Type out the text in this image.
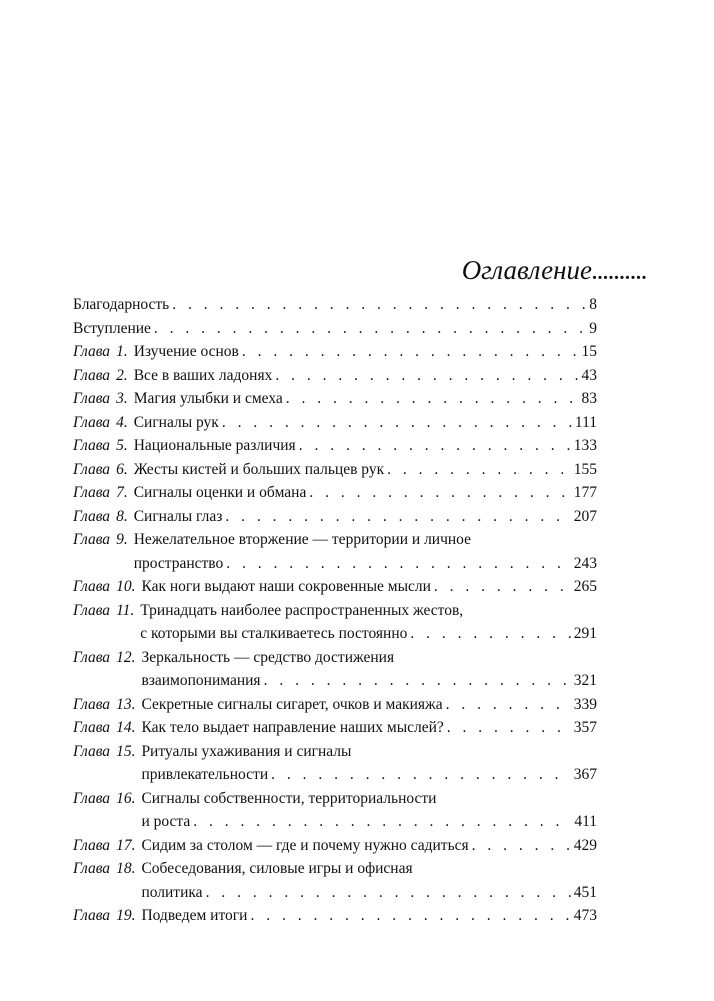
Оглавление..........
Благодарность . . .	8
Вступление . . .	9
Глава 1. Изучение основ . . .	15
Глава 2. Все в ваших ладонях . . .	43
Глава 3. Магия улыбки и смеха . . .	83
Глава 4. Сигналы рук . . .	111
Глава 5. Национальные различия . . .	133
Глава 6. Жесты кистей и больших пальцев рук . . .	155
Глава 7. Сигналы оценки и обмана . . .	177
Глава 8. Сигналы глаз . . .	207
Глава 9. Нежелательное вторжение — территории и личное
пространство . . .	243
Глава 10. Как ноги выдают наши сокровенные мысли . . .	265
Глава 11. Тринадцать наиболее распространенных жестов,
с которыми вы сталкиваетесь постоянно . . .	291
Глава 12. Зеркальность — средство достижения
взаимопонимания . . .	321
Глава 13. Секретные сигналы сигарет, очков и макияжа . . .	339
Глава 14. Как тело выдает направление наших мыслей? . . .	357
Глава 15. Ритуалы ухаживания и сигналы
привлекательности . . .	367
Глава 16. Сигналы собственности, территориальности
и роста . . .	411
Глава 17. Сидим за столом — где и почему нужно садиться . . .	429
Глава 18. Собеседования, силовые игры и офисная
политика . . .	451
Глава 19. Подведем итоги . . .	473
